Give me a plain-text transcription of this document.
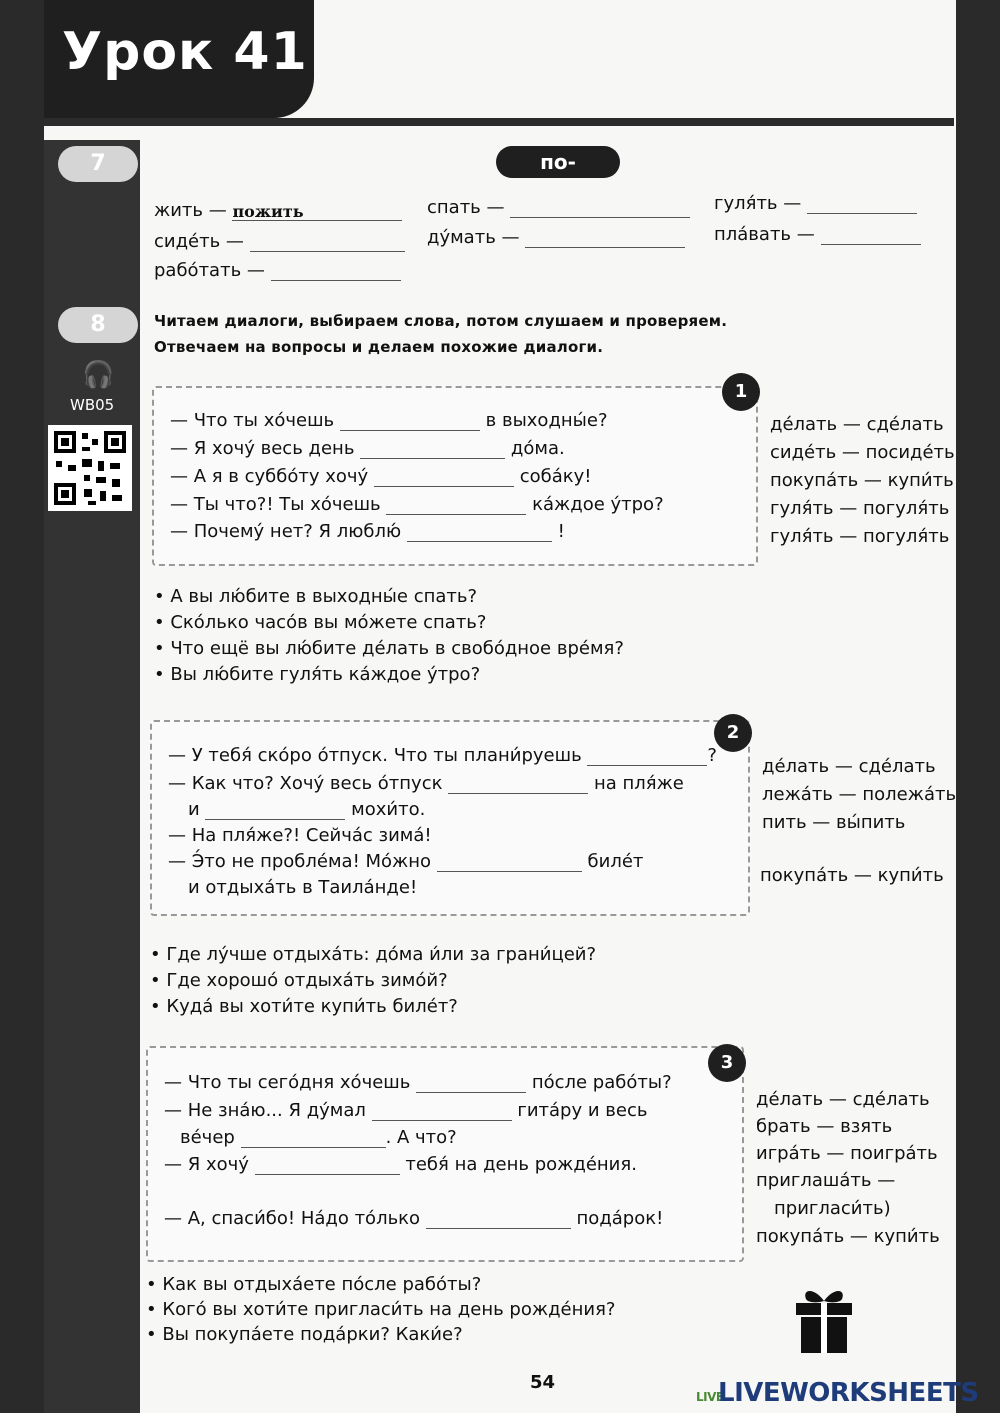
Урок 41
7	по-
жить — пожить	спать —	гуля́ть —
сиде́ть —	ду́мать —	пла́вать —
рабо́тать —
8
🎧
WB05
Читаем диалоги, выбираем слова, потом слушаем и проверяем.
Отвечаем на вопросы и делаем похожие диалоги.
1
— Что ты хо́чешь	в выходны́е?
— Я хочу́ весь день	до́ма.
— А я в суббо́ту хочу́	соба́ку!
— Ты что?! Ты хо́чешь	ка́ждое у́тро?
— Почему́ нет? Я люблю́	!
де́лать — сде́лать
сиде́ть — посиде́ть
покупа́ть — купи́ть
гуля́ть — погуля́ть
гуля́ть — погуля́ть
• А вы лю́бите в выходны́е спать?
• Ско́лько часо́в вы мо́жете спать?
• Что ещё вы лю́бите де́лать в свобо́дное вре́мя?
• Вы лю́бите гуля́ть ка́ждое у́тро?
2
— У тебя́ ско́ро о́тпуск. Что ты плани́руешь	?
— Как что? Хочу́ весь о́тпуск	на пля́же
и	мохи́то.
— На пля́же?! Сейча́с зима́!
— Э́то не пробле́ма! Мо́жно	биле́т
и отдыха́ть в Таила́нде!
де́лать — сде́лать
лежа́ть — полежа́ть
пить — вы́пить
покупа́ть — купи́ть
• Где лу́чше отдыха́ть: до́ма и́ли за грани́цей?
• Где хорошо́ отдыха́ть зимо́й?
• Куда́ вы хоти́те купи́ть биле́т?
3
— Что ты сего́дня хо́чешь	по́сле рабо́ты?
— Не зна́ю... Я ду́мал	гита́ру и весь
ве́чер	. А что?
— Я хочу́	тебя́ на день рожде́ния.
— А, спаси́бо! На́до то́лько	пода́рок!
де́лать — сде́лать
брать — взять
игра́ть — поигра́ть
приглаша́ть —
пригласи́ть)
покупа́ть — купи́ть
• Как вы отдыха́ете по́сле рабо́ты?
• Кого́ вы хоти́те пригласи́ть на день рожде́ния?
• Вы покупа́ете пода́рки? Каки́е?
54
LIVELIVEWORKSHEETS
